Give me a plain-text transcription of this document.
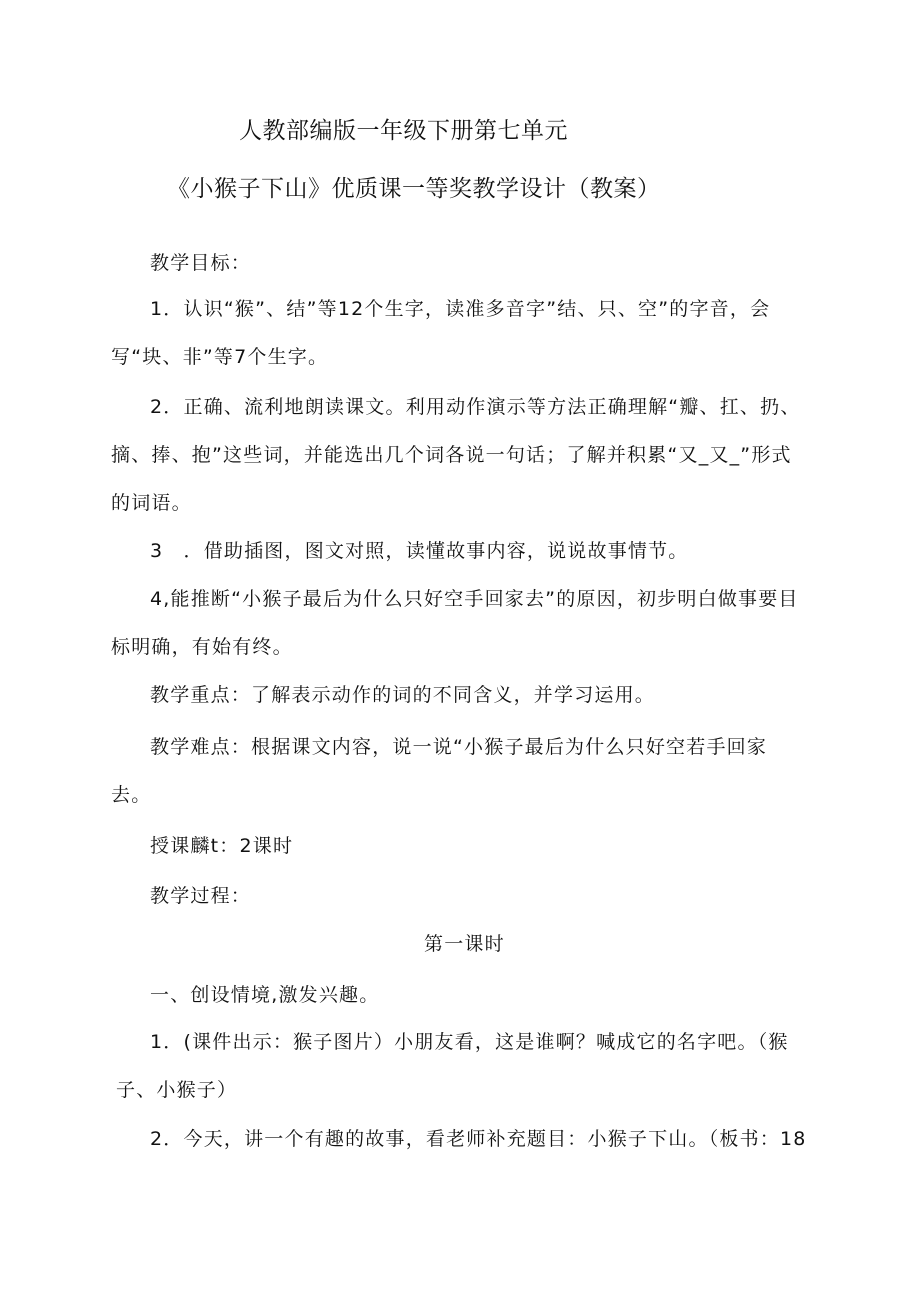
人教部编版一年级下册第七单元
《小猴子下山》优质课一等奖教学设计（教案）
教学目标：
1．认识“猴”、结”等12个生字，读准多音字”结、只、空”的字音，会
写“块、非”等7个生字。
2．正确、流利地朗读课文。利用动作演示等方法正确理解“瓣、扛、扔、
摘、捧、抱”这些词，并能选出几个词各说一句话；了解并积累“又_又_”形式
的词语。
3　．借助插图，图文对照，读懂故事内容，说说故事情节。
4,能推断“小猴子最后为什么只好空手回家去”的原因，初步明白做事要目
标明确，有始有终。
教学重点：了解表示动作的词的不同含义，并学习运用。
教学难点：根据课文内容，说一说“小猴子最后为什么只好空若手回家
去。
授课麟t：2课时
教学过程：
第一课时
一、创设情境,激发兴趣。
1．(课件出示：猴子图片）小朋友看，这是谁啊？喊成它的名字吧。（猴
子、小猴子）
2．今天，讲一个有趣的故事，看老师补充题目：小猴子下山。（板书：18
